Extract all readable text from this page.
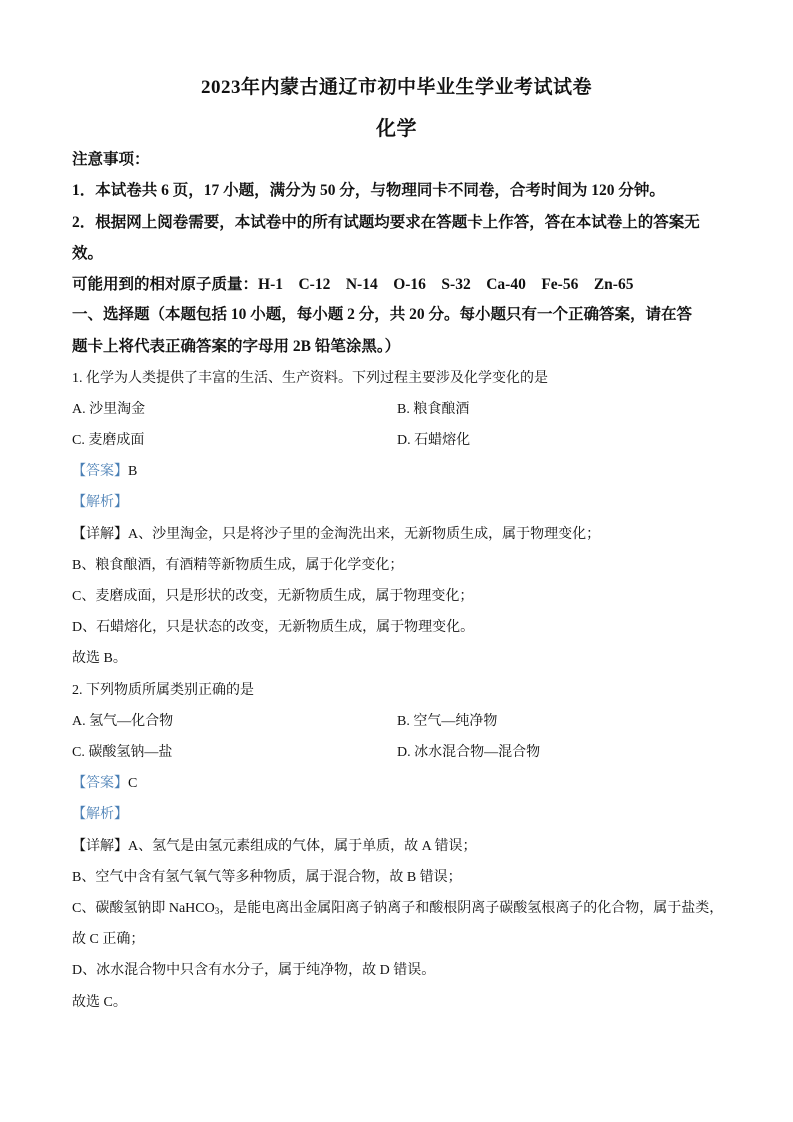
2023年内蒙古通辽市初中毕业生学业考试试卷
化学
注意事项：
1．本试卷共 6 页，17 小题，满分为 50 分，与物理同卡不同卷，合考时间为 120 分钟。
2．根据网上阅卷需要，本试卷中的所有试题均要求在答题卡上作答，答在本试卷上的答案无
效。
可能用到的相对原子质量：H-1 C-12 N-14 O-16 S-32 Ca-40 Fe-56 Zn-65
一、选择题（本题包括 10 小题，每小题 2 分，共 20 分。每小题只有一个正确答案，请在答
题卡上将代表正确答案的字母用 2B 铅笔涂黑。）
1. 化学为人类提供了丰富的生活、生产资料。下列过程主要涉及化学变化的是
A. 沙里淘金	B. 粮食酿酒
C. 麦磨成面	D. 石蜡熔化
【答案】B
【解析】
【详解】A、沙里淘金，只是将沙子里的金淘洗出来，无新物质生成，属于物理变化；
B、粮食酿酒，有酒精等新物质生成，属于化学变化；
C、麦磨成面，只是形状的改变，无新物质生成，属于物理变化；
D、石蜡熔化，只是状态的改变，无新物质生成，属于物理变化。
故选 B。
2. 下列物质所属类别正确的是
A. 氢气—化合物	B. 空气—纯净物
C. 碳酸氢钠—盐	D. 冰水混合物—混合物
【答案】C
【解析】
【详解】A、氢气是由氢元素组成的气体，属于单质，故 A 错误；
B、空气中含有氢气氧气等多种物质，属于混合物，故 B 错误；
C、碳酸氢钠即 NaHCO$_3$，是能电离出金属阳离子钠离子和酸根阴离子碳酸氢根离子的化合物，属于盐类，
故 C 正确；
D、冰水混合物中只含有水分子，属于纯净物，故 D 错误。
故选 C。
